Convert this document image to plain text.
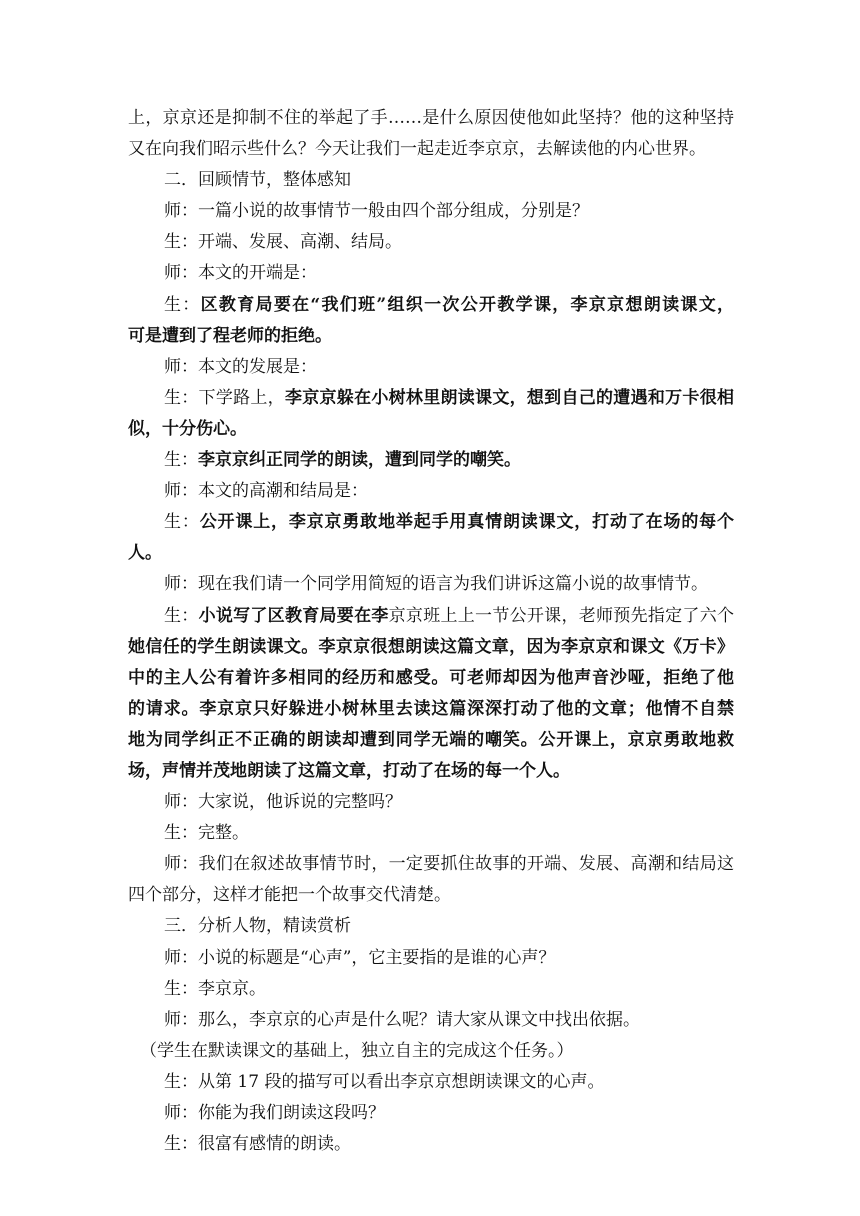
上，京京还是抑制不住的举起了手……是什么原因使他如此坚持？他的这种坚持
又在向我们昭示些什么？今天让我们一起走近李京京，去解读他的内心世界。
二．回顾情节，整体感知
师：一篇小说的故事情节一般由四个部分组成，分别是？
生：开端、发展、高潮、结局。
师：本文的开端是：
生：区教育局要在“我们班”组织一次公开教学课，李京京想朗读课文，
可是遭到了程老师的拒绝。
师：本文的发展是：
生：下学路上，李京京躲在小树林里朗读课文，想到自己的遭遇和万卡很相
似，十分伤心。
生：李京京纠正同学的朗读，遭到同学的嘲笑。
师：本文的高潮和结局是：
生：公开课上，李京京勇敢地举起手用真情朗读课文，打动了在场的每个
人。
师：现在我们请一个同学用简短的语言为我们讲诉这篇小说的故事情节。
生：小说写了区教育局要在李京京班上上一节公开课，老师预先指定了六个
她信任的学生朗读课文。李京京很想朗读这篇文章，因为李京京和课文《万卡》
中的主人公有着许多相同的经历和感受。可老师却因为他声音沙哑，拒绝了他
的请求。李京京只好躲进小树林里去读这篇深深打动了他的文章；他情不自禁
地为同学纠正不正确的朗读却遭到同学无端的嘲笑。公开课上，京京勇敢地救
场，声情并茂地朗读了这篇文章，打动了在场的每一个人。
师：大家说，他诉说的完整吗？
生：完整。
师：我们在叙述故事情节时，一定要抓住故事的开端、发展、高潮和结局这
四个部分，这样才能把一个故事交代清楚。
三．分析人物，精读赏析
师：小说的标题是“心声”，它主要指的是谁的心声？
生：李京京。
师：那么，李京京的心声是什么呢？请大家从课文中找出依据。
（学生在默读课文的基础上，独立自主的完成这个任务。）
生：从第 17 段的描写可以看出李京京想朗读课文的心声。
师：你能为我们朗读这段吗？
生：很富有感情的朗读。
